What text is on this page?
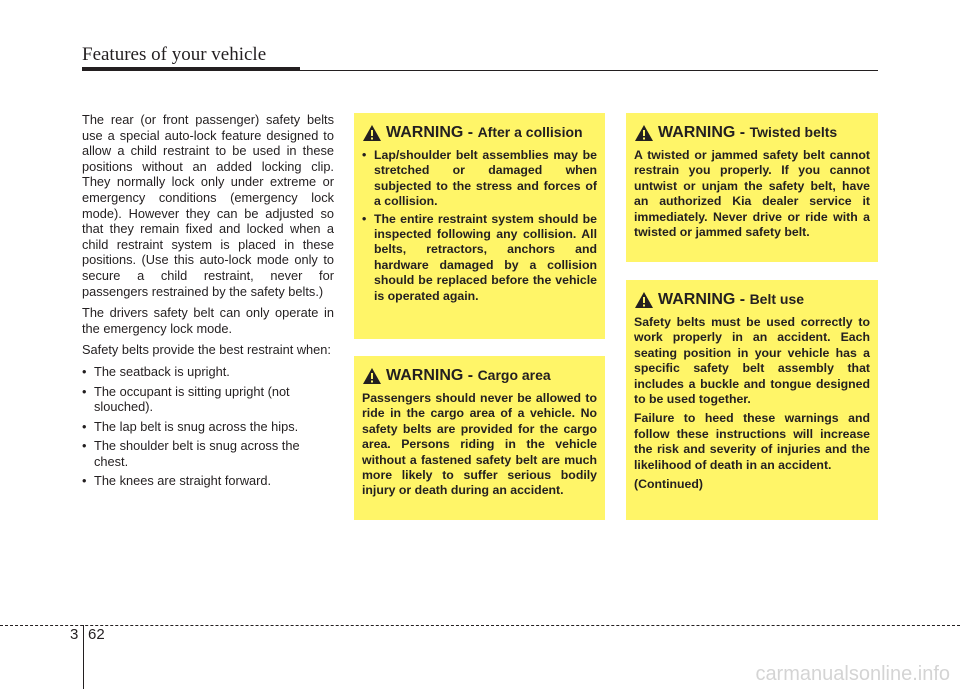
Features of your vehicle

The rear (or front passenger) safety belts use a special auto-lock feature designed to allow a child restraint to be used in these positions without an added locking clip. They normally lock only under extreme or emergency conditions (emergency lock mode). However they can be adjusted so that they remain fixed and locked when a child restraint system is placed in these positions. (Use this auto-lock mode only to secure a child restraint, never for passengers restrained by the safety belts.)

The drivers safety belt can only operate in the emergency lock mode.

Safety belts provide the best restraint when:

• The seatback is upright.
• The occupant is sitting upright (not slouched).
• The lap belt is snug across the hips.
• The shoulder belt is snug across the chest.
• The knees are straight forward.
WARNING - After a collision
• Lap/shoulder belt assemblies may be stretched or damaged when subjected to the stress and forces of a collision.
• The entire restraint system should be inspected following any collision. All belts, retractors, anchors and hardware damaged by a collision should be replaced before the vehicle is operated again.
WARNING - Cargo area

Passengers should never be allowed to ride in the cargo area of a vehicle. No safety belts are provided for the cargo area. Persons riding in the vehicle without a fastened safety belt are much more likely to suffer serious bodily injury or death during an accident.

WARNING - Twisted belts

A twisted or jammed safety belt cannot restrain you properly. If you cannot untwist or unjam the safety belt, have an authorized Kia dealer service it immediately. Never drive or ride with a twisted or jammed safety belt.

WARNING - Belt use

Safety belts must be used correctly to work properly in an accident. Each seating position in your vehicle has a specific safety belt assembly that includes a buckle and tongue designed to be used together.

Failure to heed these warnings and follow these instructions will increase the risk and severity of injuries and the likelihood of death in an accident.

(Continued)

3 62
carmanualsonline.info
